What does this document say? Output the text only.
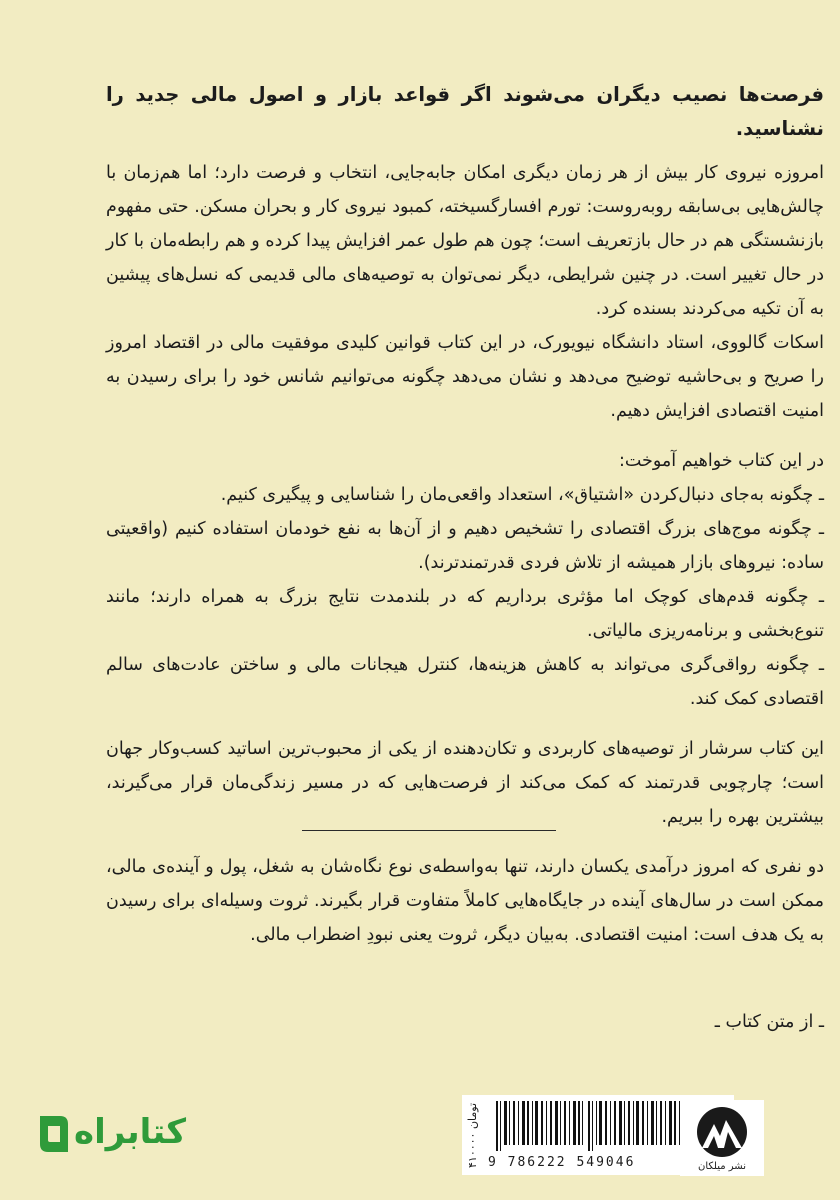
فرصت‌ها نصیب دیگران می‌شوند اگر قواعد بازار و اصول مالی جدید را نشناسید.

امروزه نیروی کار بیش از هر زمان دیگری امکان جابه‌جایی، انتخاب و فرصت دارد؛ اما هم‌زمان با چالش‌هایی بی‌سابقه روبه‌روست: تورم افسارگسیخته، کمبود نیروی کار و بحران مسکن. حتی مفهوم بازنشستگی هم در حال بازتعریف است؛ چون هم طول عمر افزایش پیدا کرده و هم رابطه‌مان با کار در حال تغییر است. در چنین شرایطی، دیگر نمی‌توان به توصیه‌های مالی قدیمی که نسل‌های پیشین به آن تکیه می‌کردند بسنده کرد.

اسکات گالووی، استاد دانشگاه نیویورک، در این کتاب قوانین کلیدی موفقیت مالی در اقتصاد امروز را صریح و بی‌حاشیه توضیح می‌دهد و نشان می‌دهد چگونه می‌توانیم شانس خود را برای رسیدن به امنیت اقتصادی افزایش دهیم.

در این کتاب خواهیم آموخت:

ـ چگونه به‌جای دنبال‌کردن «اشتیاق»، استعداد واقعی‌مان را شناسایی و پیگیری کنیم.

ـ چگونه موج‌های بزرگ اقتصادی را تشخیص دهیم و از آن‌ها به نفع خودمان استفاده کنیم (واقعیتی ساده: نیروهای بازار همیشه از تلاش فردی قدرتمندترند).

ـ چگونه قدم‌های کوچک اما مؤثری برداریم که در بلندمدت نتایج بزرگ به همراه دارند؛ مانند تنوع‌بخشی و برنامه‌ریزی مالیاتی.

ـ چگونه رواقی‌گری می‌تواند به کاهش هزینه‌ها، کنترل هیجانات مالی و ساختن عادت‌های سالم اقتصادی کمک کند.

این کتاب سرشار از توصیه‌های کاربردی و تکان‌دهنده از یکی از محبوب‌ترین اساتید کسب‌وکار جهان است؛ چارچوبی قدرتمند که کمک می‌کند از فرصت‌هایی که در مسیر زندگی‌مان قرار می‌گیرند، بیشترین بهره را ببریم.

دو نفری که امروز درآمدی یکسان دارند، تنها به‌واسطه‌ی نوع نگاه‌شان به شغل، پول و آینده‌ی مالی، ممکن است در سال‌های آینده در جایگاه‌هایی کاملاً متفاوت قرار بگیرند. ثروت وسیله‌ای برای رسیدن به یک هدف است: امنیت اقتصادی. به‌بیان دیگر، ثروت یعنی نبودِ اضطراب مالی.
ـ از متن کتاب ـ
کتابراه	۴۱۰۰۰۰ تومان
9 786222 549046	نشر میلکان
